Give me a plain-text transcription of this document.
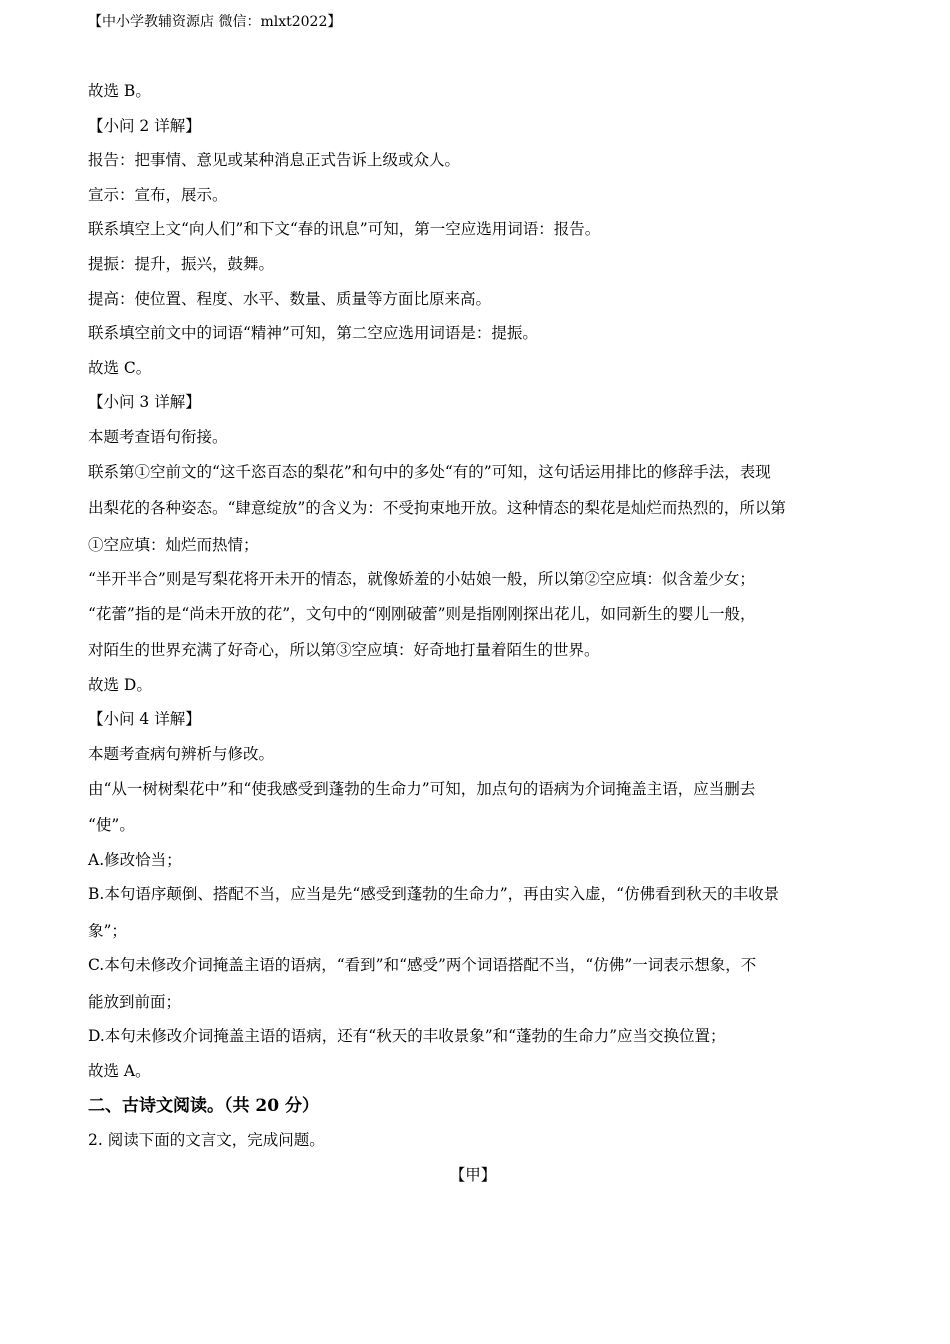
【中小学教辅资源店 微信：mlxt2022】
故选 B。
【小问 2 详解】
报告：把事情、意见或某种消息正式告诉上级或众人。
宣示：宣布，展示。
联系填空上文“向人们”和下文“春的讯息”可知，第一空应选用词语：报告。
提振：提升，振兴，鼓舞。
提高：使位置、程度、水平、数量、质量等方面比原来高。
联系填空前文中的词语“精神”可知，第二空应选用词语是：提振。
故选 C。
【小问 3 详解】
本题考查语句衔接。
联系第①空前文的“这千恣百态的梨花”和句中的多处“有的”可知，这句话运用排比的修辞手法，表现
出梨花的各种姿态。“肆意绽放”的含义为：不受拘束地开放。这种情态的梨花是灿烂而热烈的，所以第
①空应填：灿烂而热情；
“半开半合”则是写梨花将开未开的情态，就像娇羞的小姑娘一般，所以第②空应填：似含羞少女；
“花蕾”指的是“尚未开放的花”，文句中的“刚刚破蕾”则是指刚刚探出花儿，如同新生的婴儿一般，
对陌生的世界充满了好奇心，所以第③空应填：好奇地打量着陌生的世界。
故选 D。
【小问 4 详解】
本题考查病句辨析与修改。
由“从一树树梨花中”和“使我感受到蓬勃的生命力”可知，加点句的语病为介词掩盖主语，应当删去
“使”。
A.修改恰当；
B.本句语序颠倒、搭配不当，应当是先“感受到蓬勃的生命力”，再由实入虚，“仿佛看到秋天的丰收景
象”；
C.本句未修改介词掩盖主语的语病，“看到”和“感受”两个词语搭配不当，“仿佛”一词表示想象，不
能放到前面；
D.本句未修改介词掩盖主语的语病，还有“秋天的丰收景象”和“蓬勃的生命力”应当交换位置；
故选 A。
二、古诗文阅读。（共 20 分）
2. 阅读下面的文言文，完成问题。
【甲】
